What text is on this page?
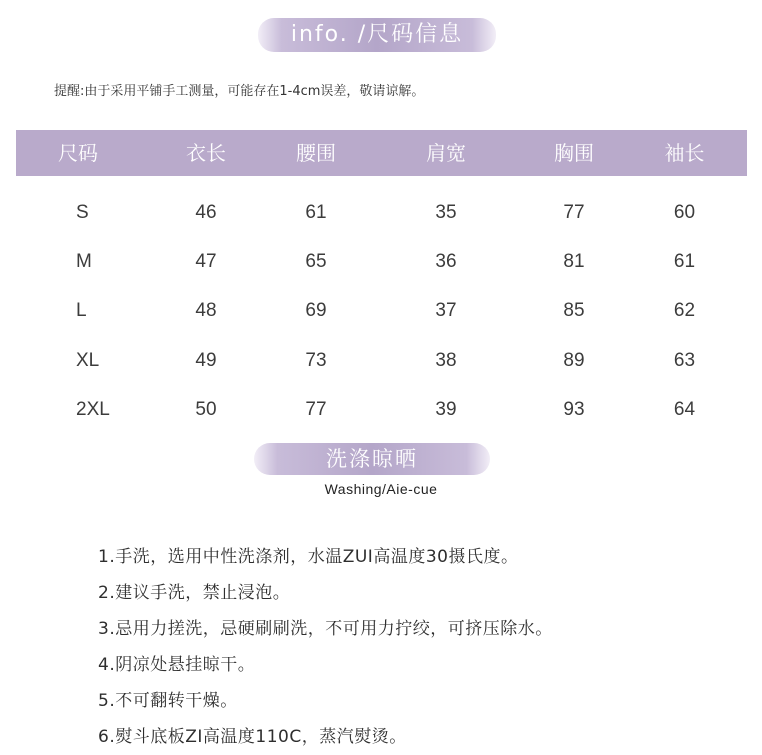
info. /尺码信息
提醒:由于采用平铺手工测量，可能存在1-4cm误差，敬请谅解。
尺码	衣长	腰围	肩宽	胸围	袖长
S	46	61	35	77	60
M	47	65	36	81	61
L	48	69	37	85	62
XL	49	73	38	89	63
2XL	50	77	39	93	64
洗涤晾晒
Washing/Aie-cue
1.手洗，选用中性洗涤剂，水温ZUI高温度30摄氏度。
2.建议手洗，禁止浸泡。
3.忌用力搓洗，忌硬刷刷洗，不可用力拧绞，可挤压除水。
4.阴凉处悬挂晾干。
5.不可翻转干燥。
6.熨斗底板ZI高温度110C，蒸汽熨烫。
